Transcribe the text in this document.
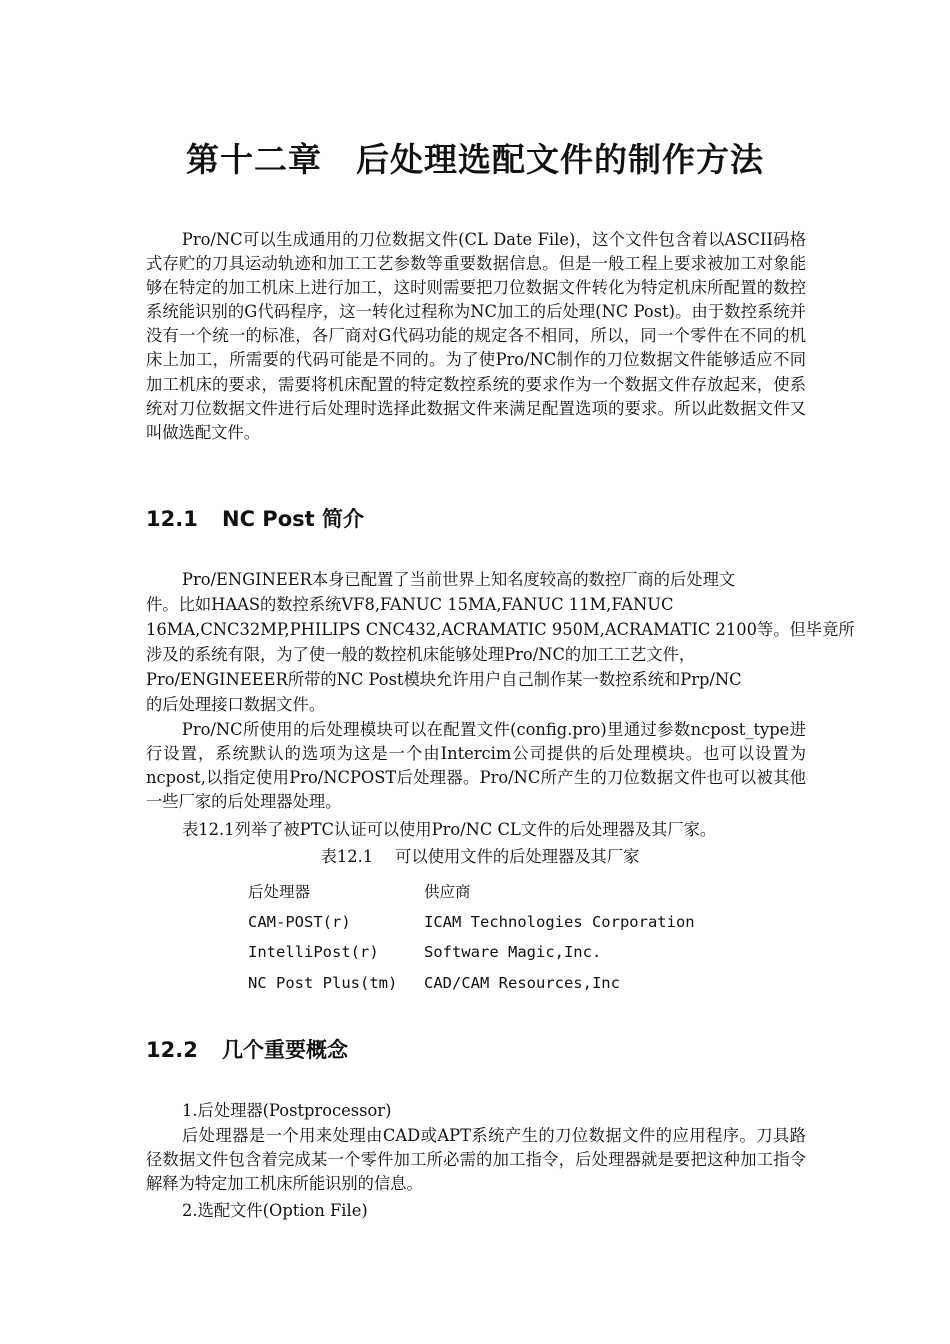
第十二章　后处理选配文件的制作方法

Pro/NC可以生成通用的刀位数据文件(CL Date File)，这个文件包含着以ASCII码格式存贮的刀具运动轨迹和加工工艺参数等重要数据信息。但是一般工程上要求被加工对象能够在特定的加工机床上进行加工，这时则需要把刀位数据文件转化为特定机床所配置的数控系统能识别的G代码程序，这一转化过程称为NC加工的后处理(NC Post)。由于数控系统并没有一个统一的标准，各厂商对G代码功能的规定各不相同，所以，同一个零件在不同的机床上加工，所需要的代码可能是不同的。为了使Pro/NC制作的刀位数据文件能够适应不同加工机床的要求，需要将机床配置的特定数控系统的要求作为一个数据文件存放起来，使系统对刀位数据文件进行后处理时选择此数据文件来满足配置选项的要求。所以此数据文件又叫做选配文件。

12.1 NC Post 简介

Pro/ENGINEER本身已配置了当前世界上知名度较高的数控厂商的后处理文

件。比如HAAS的数控系统VF8,FANUC 15MA,FANUC 11M,FANUC

16MA,CNC32MP,PHILIPS CNC432,ACRAMATIC 950M,ACRAMATIC 2100等。但毕竟所

涉及的系统有限，为了使一般的数控机床能够处理Pro/NC的加工工艺文件，

Pro/ENGINEEER所带的NC Post模块允许用户自己制作某一数控系统和Prp/NC

的后处理接口数据文件。

Pro/NC所使用的后处理模块可以在配置文件(config.pro)里通过参数ncpost_type进行设置，系统默认的选项为这是一个由Intercim公司提供的后处理模块。也可以设置为ncpost,以指定使用Pro/NCPOST后处理器。Pro/NC所产生的刀位数据文件也可以被其他一些厂家的后处理器处理。

表12.1列举了被PTC认证可以使用Pro/NC CL文件的后处理器及其厂家。

表12.1 可以使用文件的后处理器及其厂家

后处理器	供应商
CAM-POST(r)	ICAM Technologies Corporation
IntelliPost(r)	Software Magic,Inc.
NC Post Plus(tm)	CAD/CAM Resources,Inc
12.2 几个重要概念

1.后处理器(Postprocessor)

后处理器是一个用来处理由CAD或APT系统产生的刀位数据文件的应用程序。刀具路径数据文件包含着完成某一个零件加工所必需的加工指令，后处理器就是要把这种加工指令解释为特定加工机床所能识别的信息。

2.选配文件(Option File)
